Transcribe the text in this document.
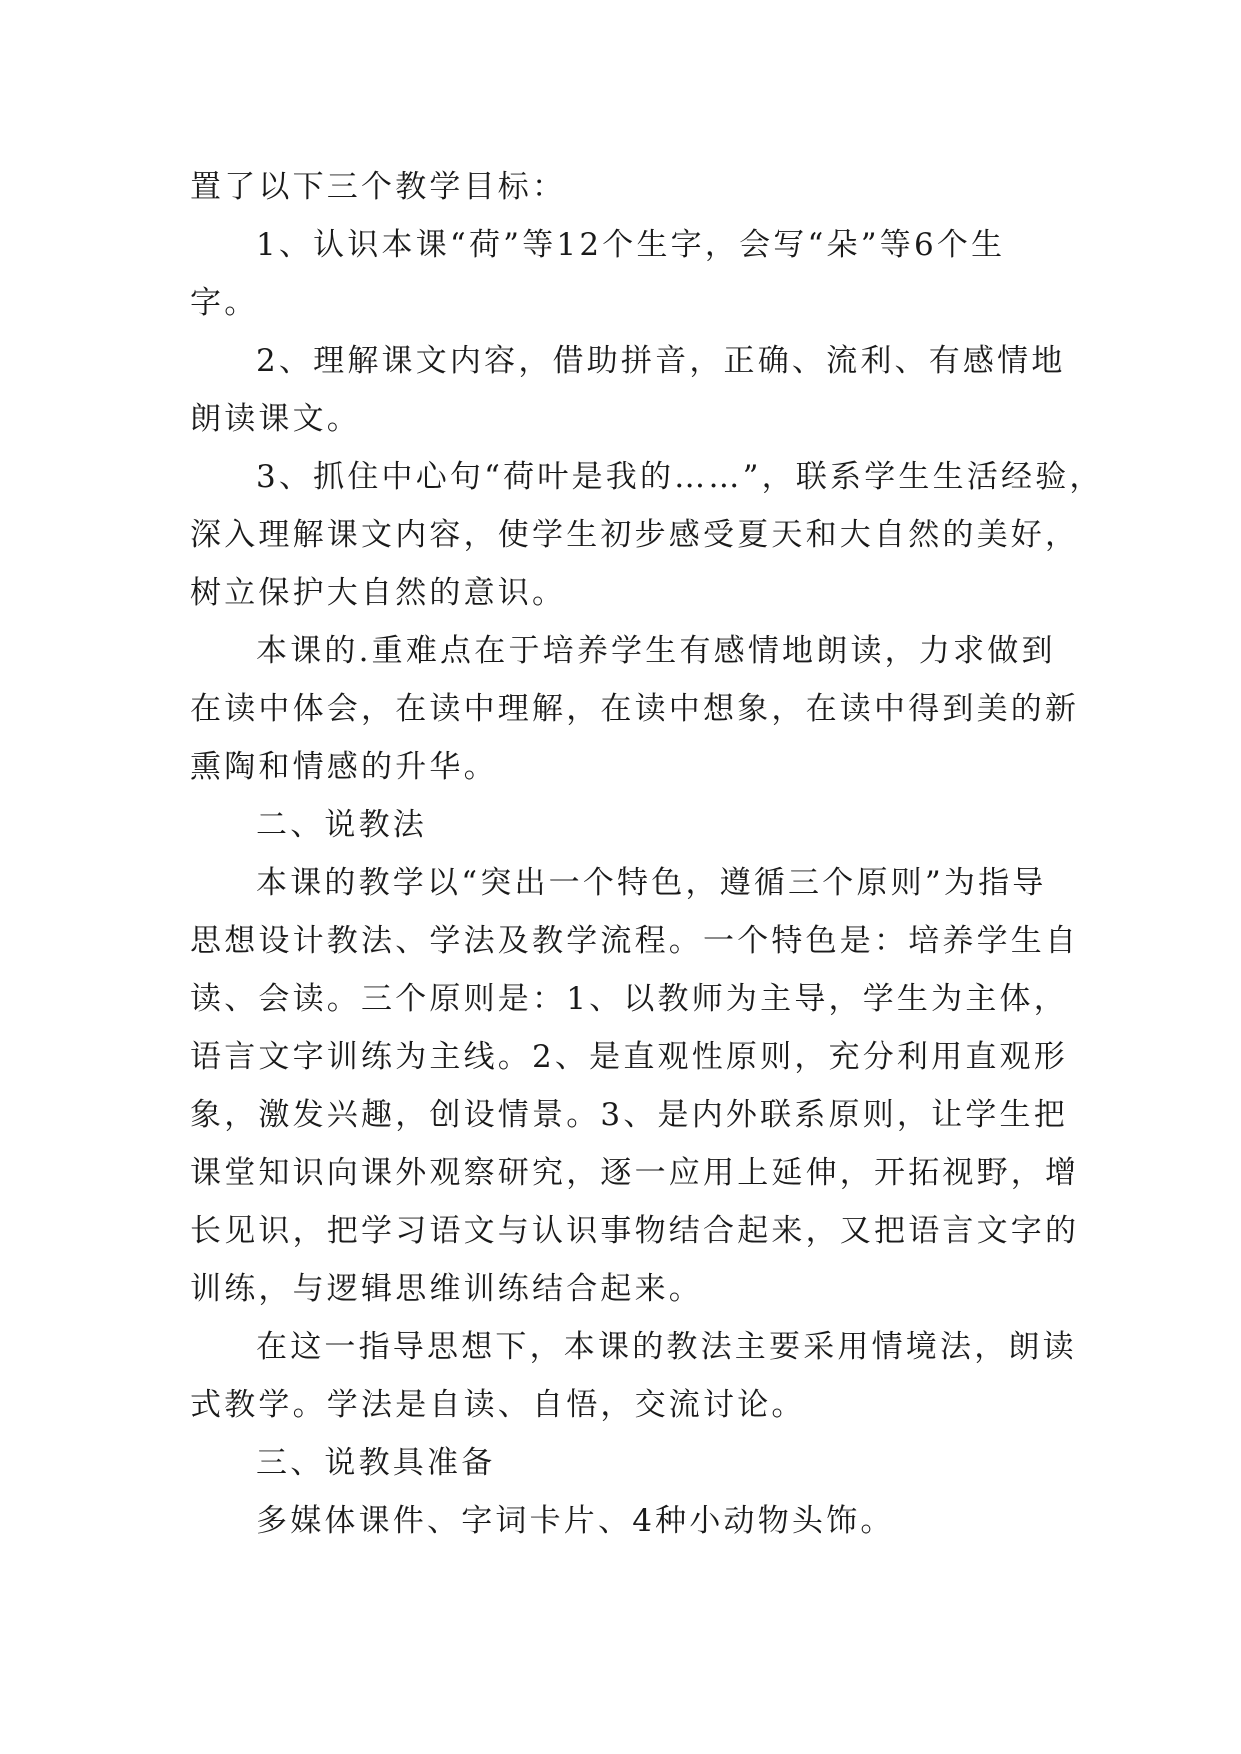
置了以下三个教学目标：
1、认识本课“荷”等12个生字，会写“朵”等6个生
字。
2、理解课文内容，借助拼音，正确、流利、有感情地
朗读课文。
3、抓住中心句“荷叶是我的……”，联系学生生活经验，
深入理解课文内容，使学生初步感受夏天和大自然的美好，
树立保护大自然的意识。
本课的.重难点在于培养学生有感情地朗读，力求做到
在读中体会，在读中理解，在读中想象，在读中得到美的新
熏陶和情感的升华。
二、说教法
本课的教学以“突出一个特色，遵循三个原则”为指导
思想设计教法、学法及教学流程。一个特色是：培养学生自
读、会读。三个原则是：1、以教师为主导，学生为主体，
语言文字训练为主线。2、是直观性原则，充分利用直观形
象，激发兴趣，创设情景。3、是内外联系原则，让学生把
课堂知识向课外观察研究，逐一应用上延伸，开拓视野，增
长见识，把学习语文与认识事物结合起来，又把语言文字的
训练，与逻辑思维训练结合起来。
在这一指导思想下，本课的教法主要采用情境法，朗读
式教学。学法是自读、自悟，交流讨论。
三、说教具准备
多媒体课件、字词卡片、4种小动物头饰。
